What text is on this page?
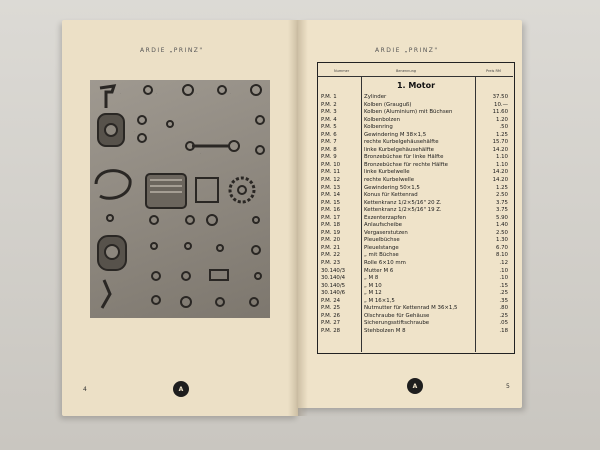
ARDIE „PRINZ"
·	·	·	·
·
·
4	A
ARDIE „PRINZ"
Nummer	Benennung	Preis RM
1. Motor
P.M. 1	Zylinder	37.50
P.M. 2	Kolben (Grauguß)	10.—
P.M. 3	Kolben (Aluminium) mit Büchsen	11.60
P.M. 4	Kolbenbolzen	1.20
P.M. 5	Kolbenring	.50
P.M. 6	Gewindering M 38×1,5	1.25
P.M. 7	rechte Kurbelgehäusehälfte	15.70
P.M. 8	linke Kurbelgehäusehälfte	14.20
P.M. 9	Bronzebüchse für linke Hälfte	1.10
P.M. 10	Bronzebüchse für rechte Hälfte	1.10
P.M. 11	linke Kurbelwelle	14.20
P.M. 12	rechte Kurbelwelle	14.20
P.M. 13	Gewindering 50×1,5	1.25
P.M. 14	Konus für Kettenrad	2.50
P.M. 15	Kettenkranz 1/2×5/16" 20 Z.	3.75
P.M. 16	Kettenkranz 1/2×5/16" 19 Z.	3.75
P.M. 17	Exzenterzapfen	5.90
P.M. 18	Anlaufscheibe	1.40
P.M. 19	Vergaserstutzen	2.50
P.M. 20	Pleuelbüchse	1.30
P.M. 21	Pleuelstange	6.70
P.M. 22	„ mit Büchse	8.10
P.M. 23	Rolle 6×10 mm	.12
30.140/3	Mutter M 6	.10
30.140/4	„ M 8	.10
30.140/5	„ M 10	.15
30.140/6	„ M 12	.25
P.M. 24	„ M 16×1,5	.35
P.M. 25	Nutmutter für Kettenrad M 36×1,5	.80
P.M. 26	Ölschraube für Gehäuse	.25
P.M. 27	Sicherungsstiftschraube	.05
P.M. 28	Stehbolzen M 8	.18
5
A
